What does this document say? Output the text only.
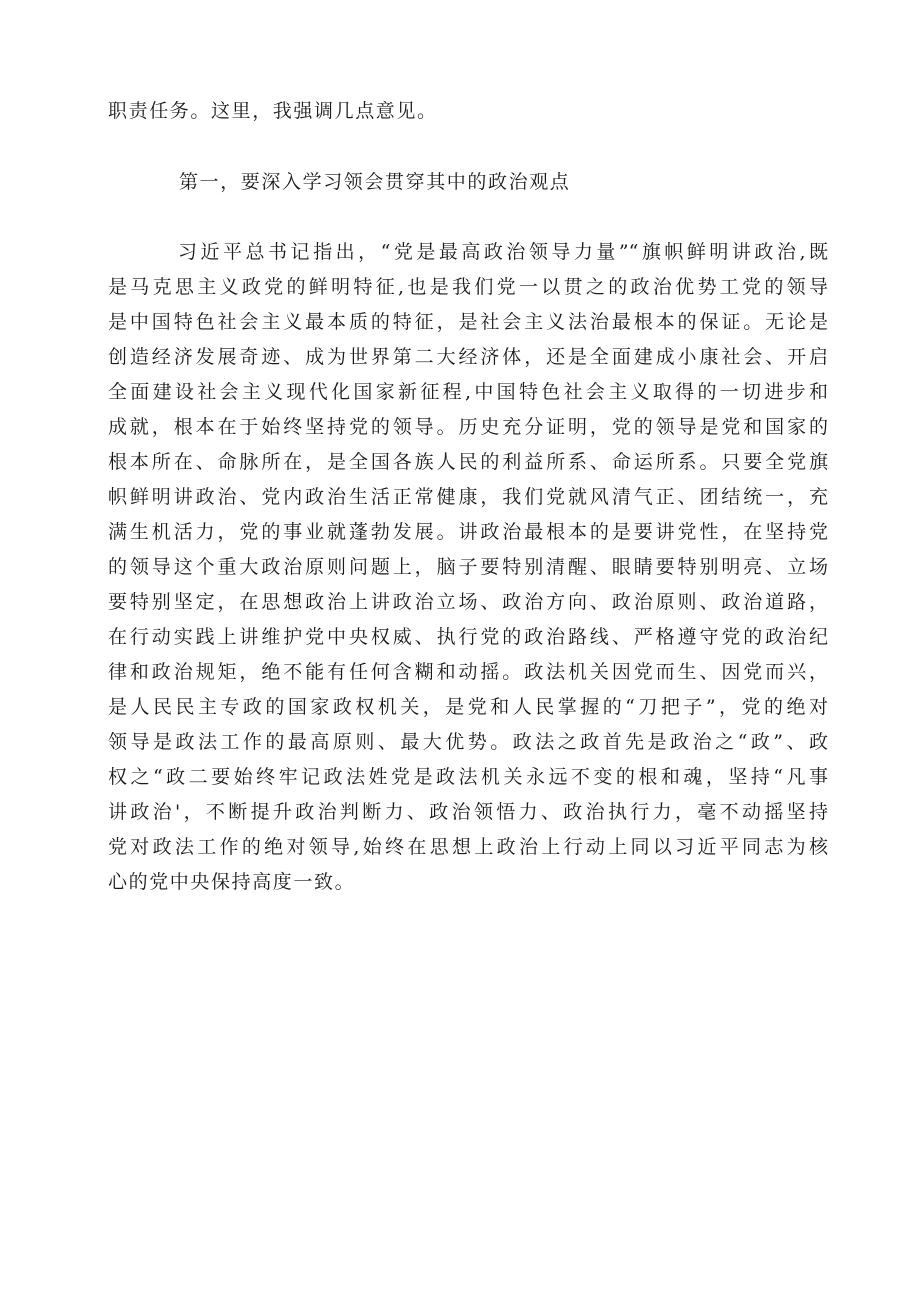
职责任务。这里，我强调几点意见。

第一，要深入学习领会贯穿其中的政治观点

习近平总书记指出，“党是最高政治领导力量”“旗帜鲜明讲政治,既

是马克思主义政党的鲜明特征,也是我们党一以贯之的政治优势工党的领导

是中国特色社会主义最本质的特征，是社会主义法治最根本的保证。无论是

创造经济发展奇迹、成为世界第二大经济体，还是全面建成小康社会、开启

全面建设社会主义现代化国家新征程,中国特色社会主义取得的一切进步和

成就，根本在于始终坚持党的领导。历史充分证明，党的领导是党和国家的

根本所在、命脉所在，是全国各族人民的利益所系、命运所系。只要全党旗

帜鲜明讲政治、党内政治生活正常健康，我们党就风清气正、团结统一，充

满生机活力，党的事业就蓬勃发展。讲政治最根本的是要讲党性，在坚持党

的领导这个重大政治原则问题上，脑子要特别清醒、眼睛要特别明亮、立场

要特别坚定，在思想政治上讲政治立场、政治方向、政治原则、政治道路，

在行动实践上讲维护党中央权威、执行党的政治路线、严格遵守党的政治纪

律和政治规矩，绝不能有任何含糊和动摇。政法机关因党而生、因党而兴，

是人民民主专政的国家政权机关，是党和人民掌握的“刀把子”，党的绝对

领导是政法工作的最高原则、最大优势。政法之政首先是政治之“政”、政

权之“政二要始终牢记政法姓党是政法机关永远不变的根和魂，坚持“凡事

讲政治'，不断提升政治判断力、政治领悟力、政治执行力，毫不动摇坚持

党对政法工作的绝对领导,始终在思想上政治上行动上同以习近平同志为核

心的党中央保持高度一致。
